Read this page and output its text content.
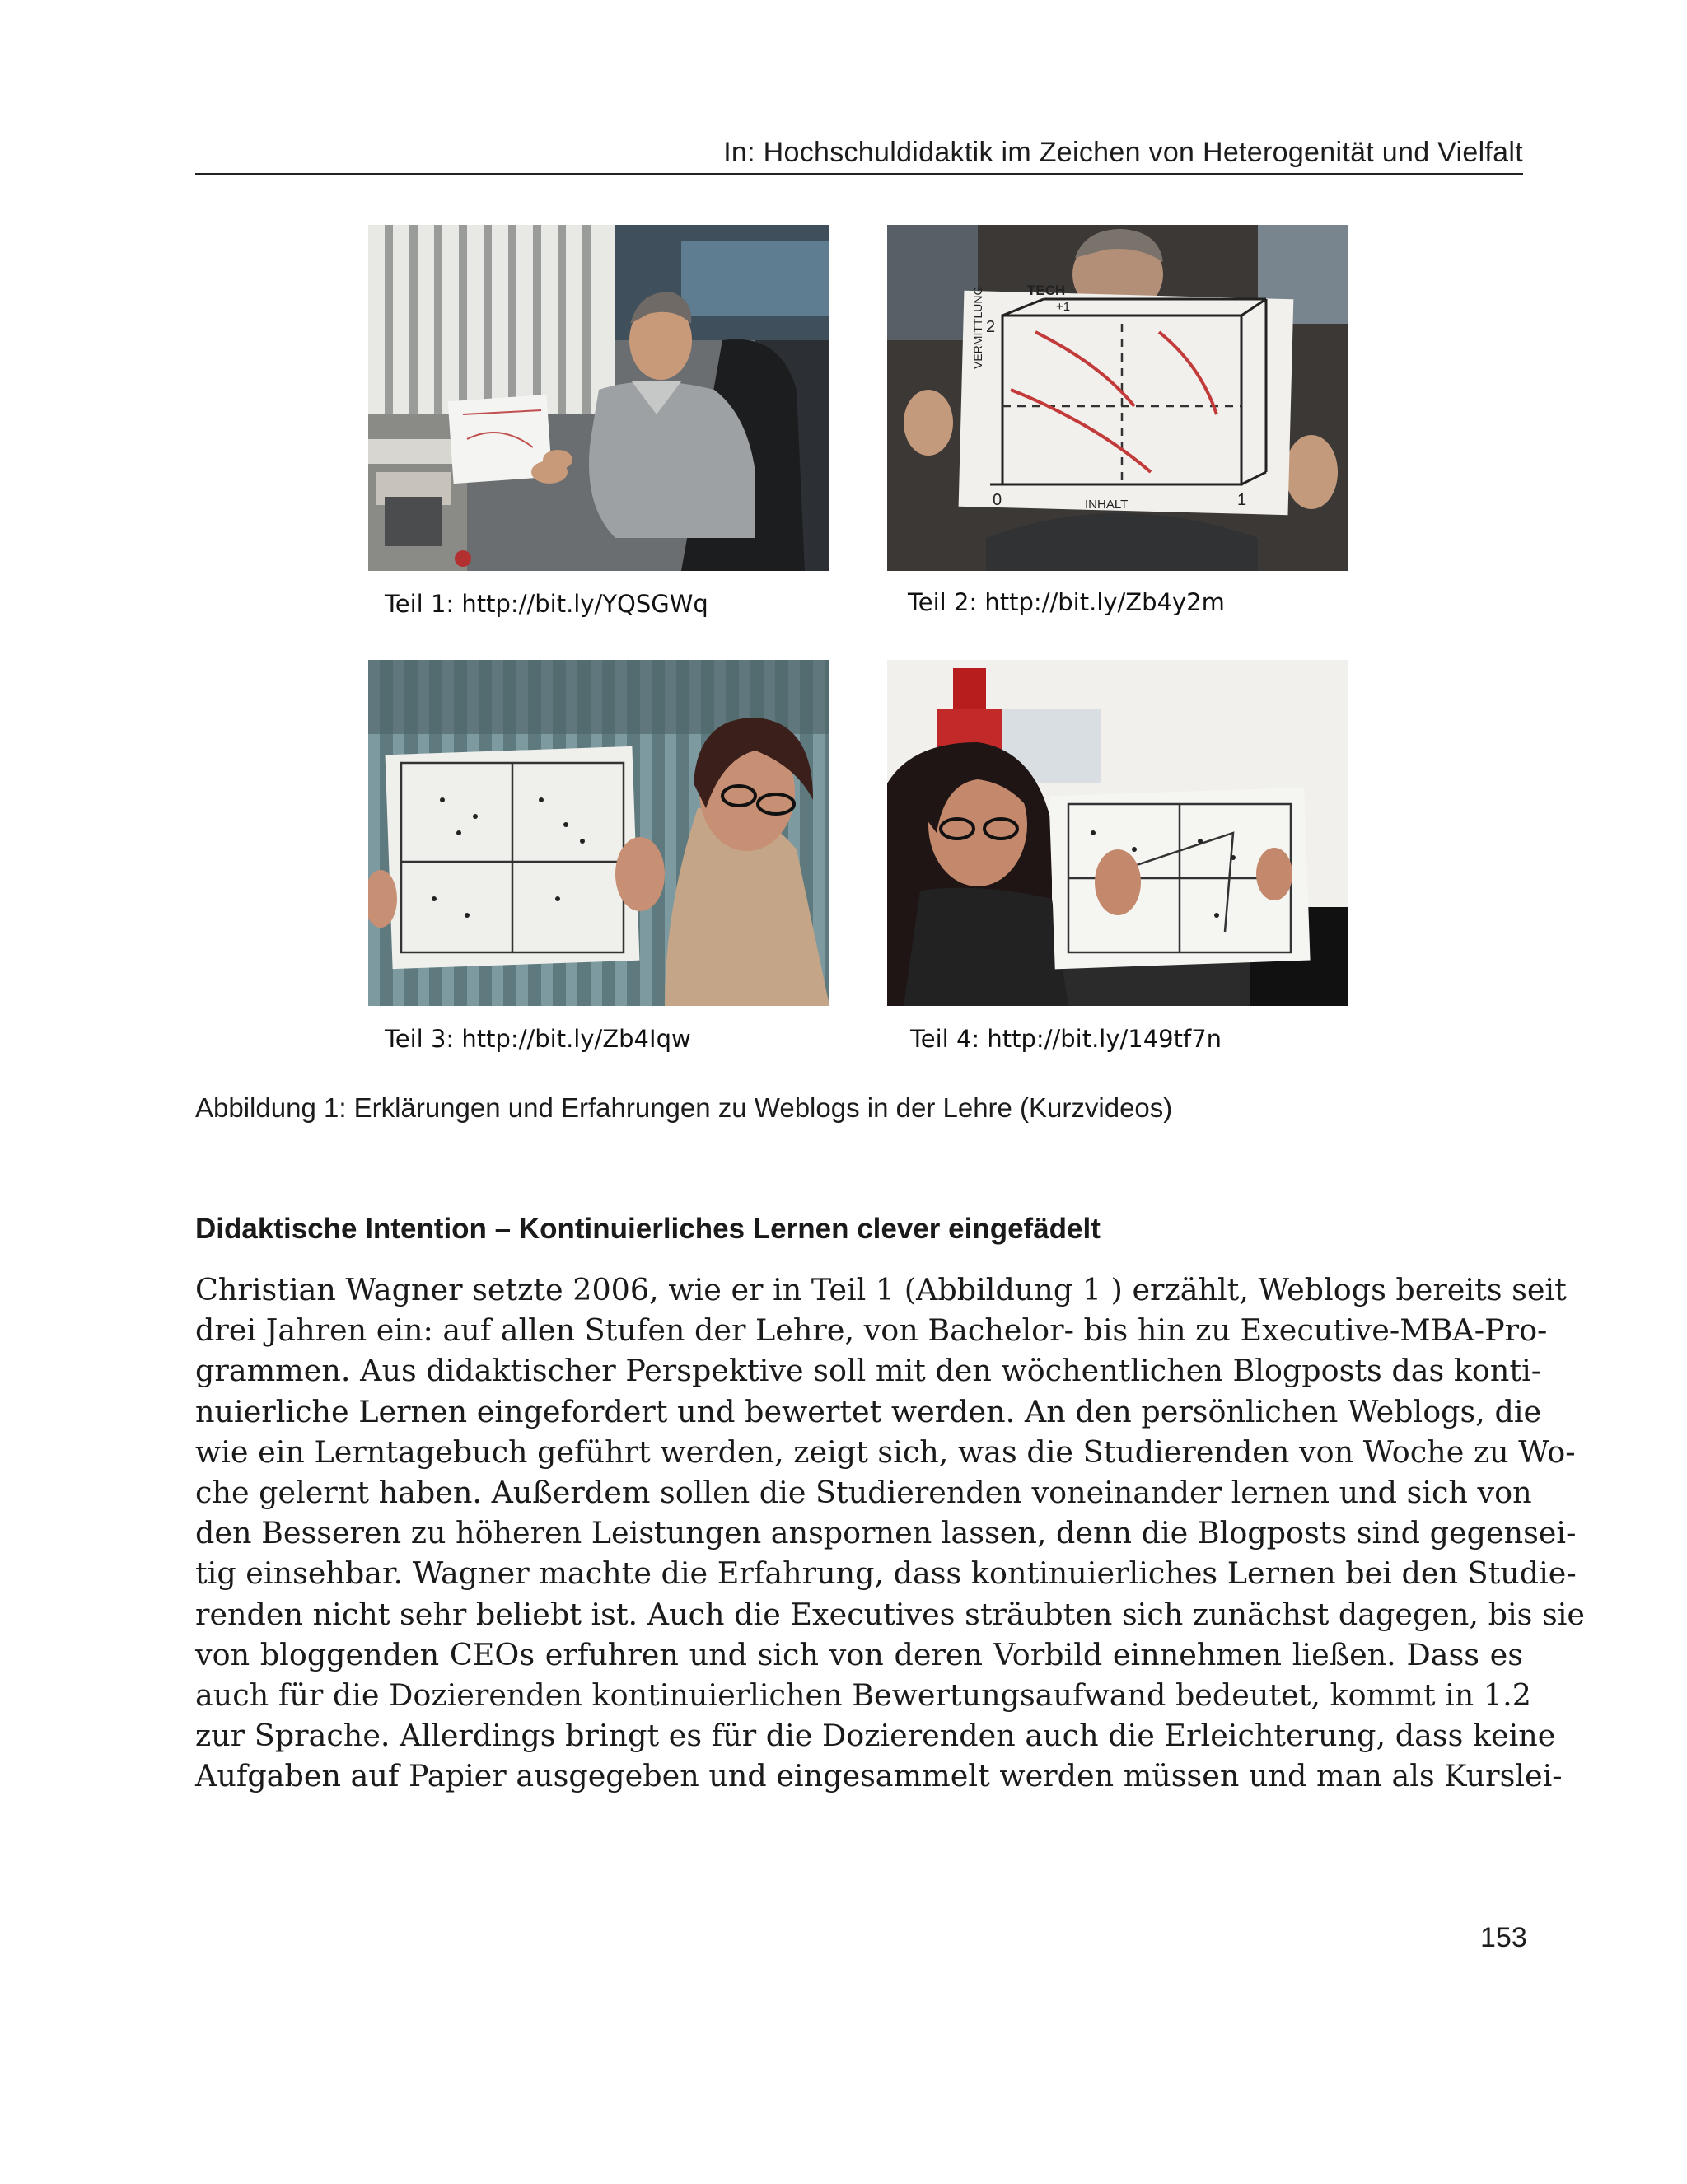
In: Hochschuldidaktik im Zeichen von Heterogenität und Vielfalt
VERMITTLUNG
INHALT
TECH
+1
0	1
2
Teil 1: http://bit.ly/YQSGWq	Teil 2: http://bit.ly/Zb4y2m
Teil 3: http://bit.ly/Zb4Iqw	Teil 4: http://bit.ly/149tf7n
Abbildung 1: Erklärungen und Erfahrungen zu Weblogs in der Lehre (Kurzvideos)
Didaktische Intention – Kontinuierliches Lernen clever eingefädelt
Christian Wagner setzte 2006, wie er in Teil 1 (Abbildung 1 ) erzählt, Weblogs bereits seit
drei Jahren ein: auf allen Stufen der Lehre, von Bachelor- bis hin zu Executive-MBA-Pro-
grammen. Aus didaktischer Perspektive soll mit den wöchentlichen Blogposts das konti-
nuierliche Lernen eingefordert und bewertet werden. An den persönlichen Weblogs, die
wie ein Lerntagebuch geführt werden, zeigt sich, was die Studierenden von Woche zu Wo-
che gelernt haben. Außerdem sollen die Studierenden voneinander lernen und sich von
den Besseren zu höheren Leistungen anspornen lassen, denn die Blogposts sind gegensei-
tig einsehbar. Wagner machte die Erfahrung, dass kontinuierliches Lernen bei den Studie-
renden nicht sehr beliebt ist. Auch die Executives sträubten sich zunächst dagegen, bis sie
von bloggenden CEOs erfuhren und sich von deren Vorbild einnehmen ließen. Dass es
auch für die Dozierenden kontinuierlichen Bewertungsaufwand bedeutet, kommt in 1.2
zur Sprache. Allerdings bringt es für die Dozierenden auch die Erleichterung, dass keine
Aufgaben auf Papier ausgegeben und eingesammelt werden müssen und man als Kurslei-
153
